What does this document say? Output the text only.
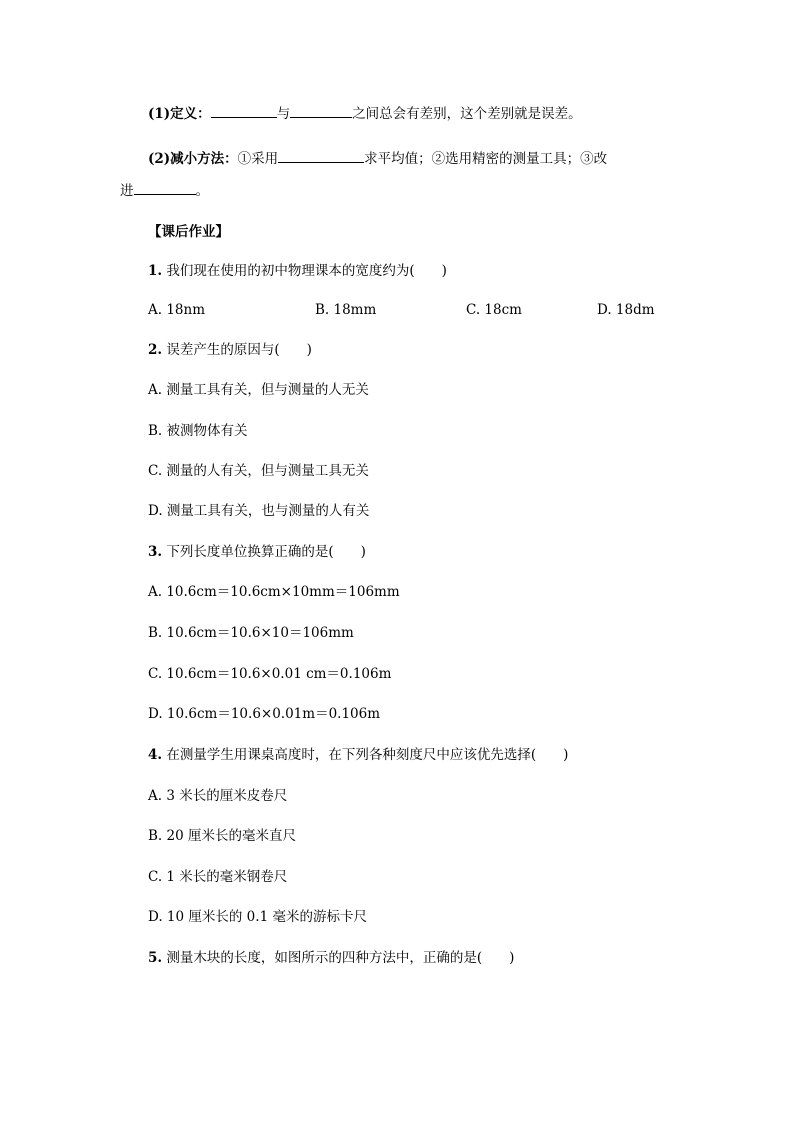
(1)定义：	与	之间总会有差别，这个差别就是误差。
(2)减小方法：①采用	求平均值；②选用精密的测量工具；③改
进	。
【课后作业】
1. 我们现在使用的初中物理课本的宽度约为(　　)
A. 18nm	B. 18mm	C. 18cm	D. 18dm
2. 误差产生的原因与(　　)
A. 测量工具有关，但与测量的人无关
B. 被测物体有关
C. 测量的人有关，但与测量工具无关
D. 测量工具有关，也与测量的人有关
3. 下列长度单位换算正确的是(　　)
A. 10.6cm＝10.6cm×10mm＝106mm
B. 10.6cm＝10.6×10＝106mm
C. 10.6cm＝10.6×0.01 cm＝0.106m
D. 10.6cm＝10.6×0.01m＝0.106m
4. 在测量学生用课桌高度时，在下列各种刻度尺中应该优先选择(　　)
A. 3 米长的厘米皮卷尺
B. 20 厘米长的毫米直尺
C. 1 米长的毫米钢卷尺
D. 10 厘米长的 0.1 毫米的游标卡尺
5. 测量木块的长度，如图所示的四种方法中，正确的是(　　)
